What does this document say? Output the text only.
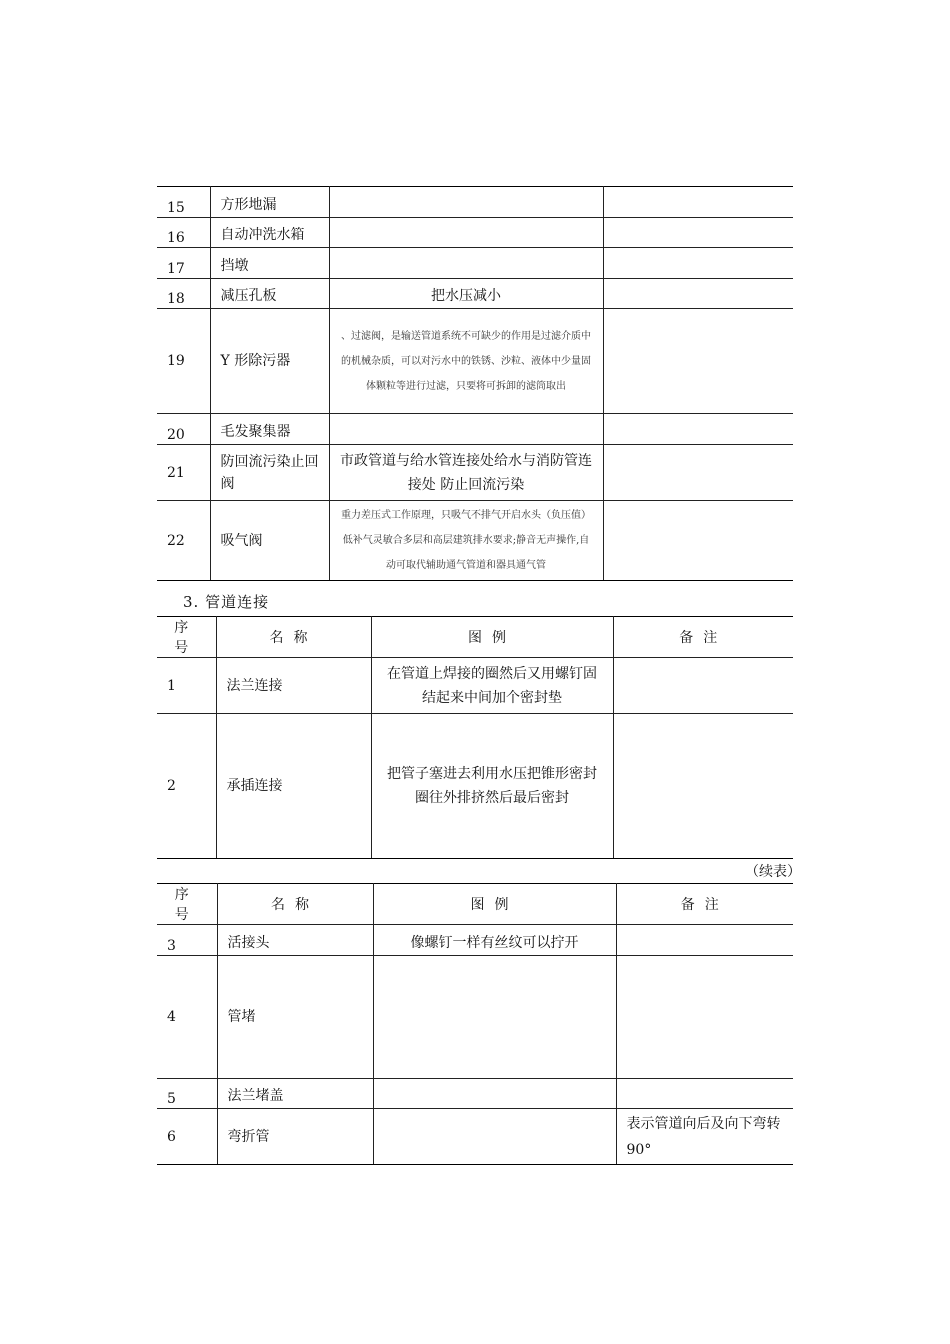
15	方形地漏		
16	自动冲洗水箱		
17	挡墩		
18	减压孔板	把水压减小	
19	Y 形除污器	、过滤阀，是输送管道系统不可缺少的作用是过滤介质中的机械杂质，可以对污水中的铁锈、沙粒、液体中少量固体颗粒等进行过滤，只要将可拆卸的滤筒取出	
20	毛发聚集器		
21	防回流污染止回阀	市政管道与给水管连接处给水与消防管连接处 防止回流污染	
22	吸气阀	重力差压式工作原理，只吸气不排气开启水头（负压值）低补气灵敏合多层和高层建筑排水要求;静音无声操作,自动可取代辅助通气管道和器具通气管	
3. 管道连接
序号	名称	图例	备注
1	法兰连接	在管道上焊接的圈然后又用螺钉固结起来中间加个密封垫	
2	承插连接	把管子塞进去利用水压把锥形密封圈往外排挤然后最后密封	
（续表）
序号	名称	图例	备注
3	活接头	像螺钉一样有丝纹可以拧开	
4	管堵		
5	法兰堵盖		
6	弯折管		表示管道向后及向下弯转 90°
